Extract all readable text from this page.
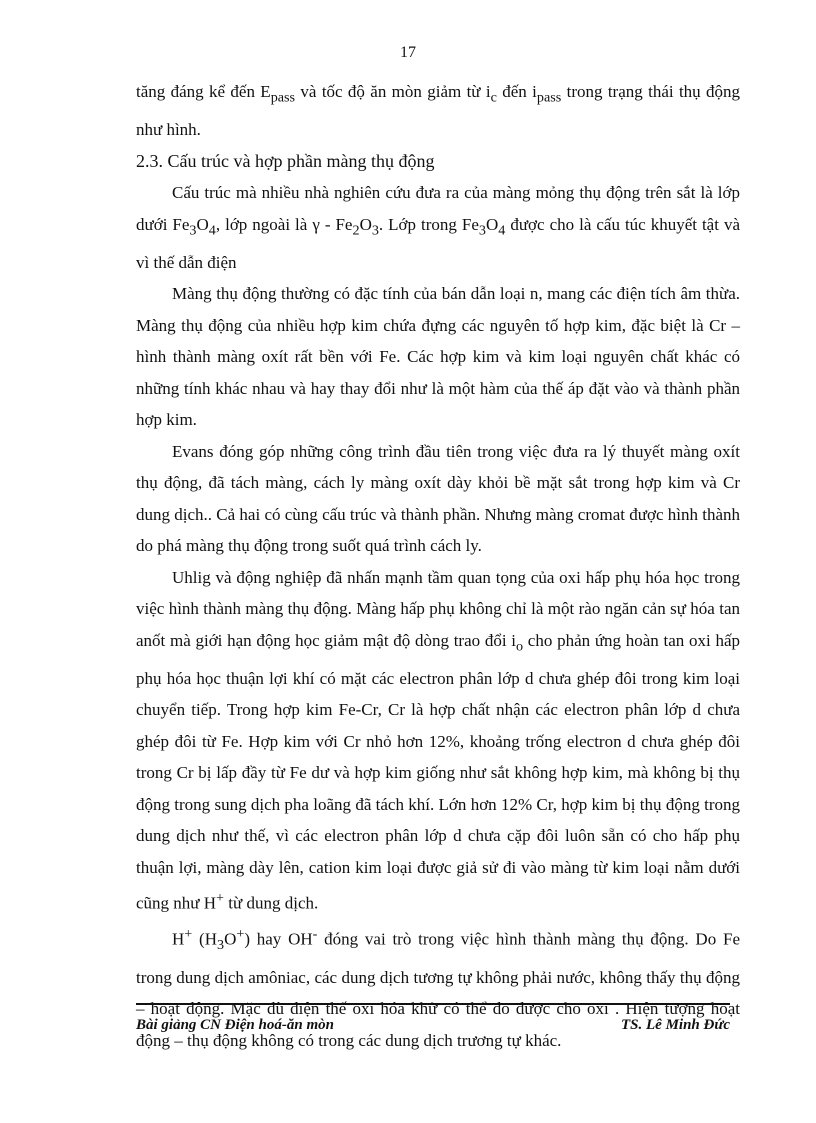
17

tăng đáng kể đến $E_{pass}$ và tốc độ ăn mòn giảm từ $i_c$ đến $i_{pass}$ trong trạng thái thụ động như hình.

2.3. Cấu trúc và hợp phần màng thụ động

Cấu trúc mà nhiều nhà nghiên cứu đưa ra của màng mỏng thụ động trên sắt là lớp dưới $Fe_3O_4$, lớp ngoài là γ - $Fe_2O_3$. Lớp trong $Fe_3O_4$ được cho là cấu túc khuyết tật và vì thế dẫn điện

Màng thụ động thường có đặc tính của bán dẫn loại n, mang các điện tích âm thừa. Màng thụ động của nhiều hợp kim chứa đựng các nguyên tố hợp kim, đặc biệt là Cr – hình thành màng oxít rất bền với Fe. Các hợp kim và kim loại nguyên chất khác có những tính khác nhau và hay thay đổi như là một hàm của thế áp đặt vào và thành phần hợp kim.

Evans đóng góp những công trình đầu tiên trong việc đưa ra lý thuyết màng oxít thụ động, đã tách màng, cách ly màng oxít dày khỏi bề mặt sắt trong hợp kim và Cr dung dịch.. Cả hai có cùng cấu trúc và thành phần. Nhưng màng cromat được hình thành do phá màng thụ động trong suốt quá trình cách ly.

Uhlig và động nghiệp đã nhấn mạnh tầm quan tọng của oxi hấp phụ hóa học trong việc hình thành màng thụ động. Màng hấp phụ không chỉ là một rào ngăn cản sự hóa tan anốt mà giới hạn động học giảm mật độ dòng trao đổi $i_o$ cho phản ứng hoàn tan oxi hấp phụ hóa học thuận lợi khí có mặt các electron phân lớp d chưa ghép đôi trong kim loại chuyển tiếp. Trong hợp kim Fe-Cr, Cr là hợp chất nhận các electron phân lớp d chưa ghép đôi từ Fe. Hợp kim với Cr nhỏ hơn 12%, khoảng trống electron d chưa ghép đôi trong Cr bị lấp đầy từ Fe dư và hợp kim giống như sắt không hợp kim, mà không bị thụ động trong sung dịch pha loãng đã tách khí. Lớn hơn 12% Cr, hợp kim bị thụ động trong dung dịch như thế, vì các electron phân lớp d chưa cặp đôi luôn sẵn có cho hấp phụ thuận lợi, màng dày lên, cation kim loại được giả sử đi vào màng từ kim loại nằm dưới cũng như H+ từ dung dịch.

H+ $(H_3O^+)$ hay OH- đóng vai trò trong việc hình thành màng thụ động. Do Fe trong dung dịch amôniac, các dung dịch tương tự không phải nước, không thấy thụ động – hoạt động. Mặc dù điện thế oxi hóa khử có thể đo được cho oxi . Hiện tượng hoạt động – thụ động không có trong các dung dịch trương tự khác.

Bài giảng CN Điện hoá-ăn mòn	TS. Lê Minh Đức
